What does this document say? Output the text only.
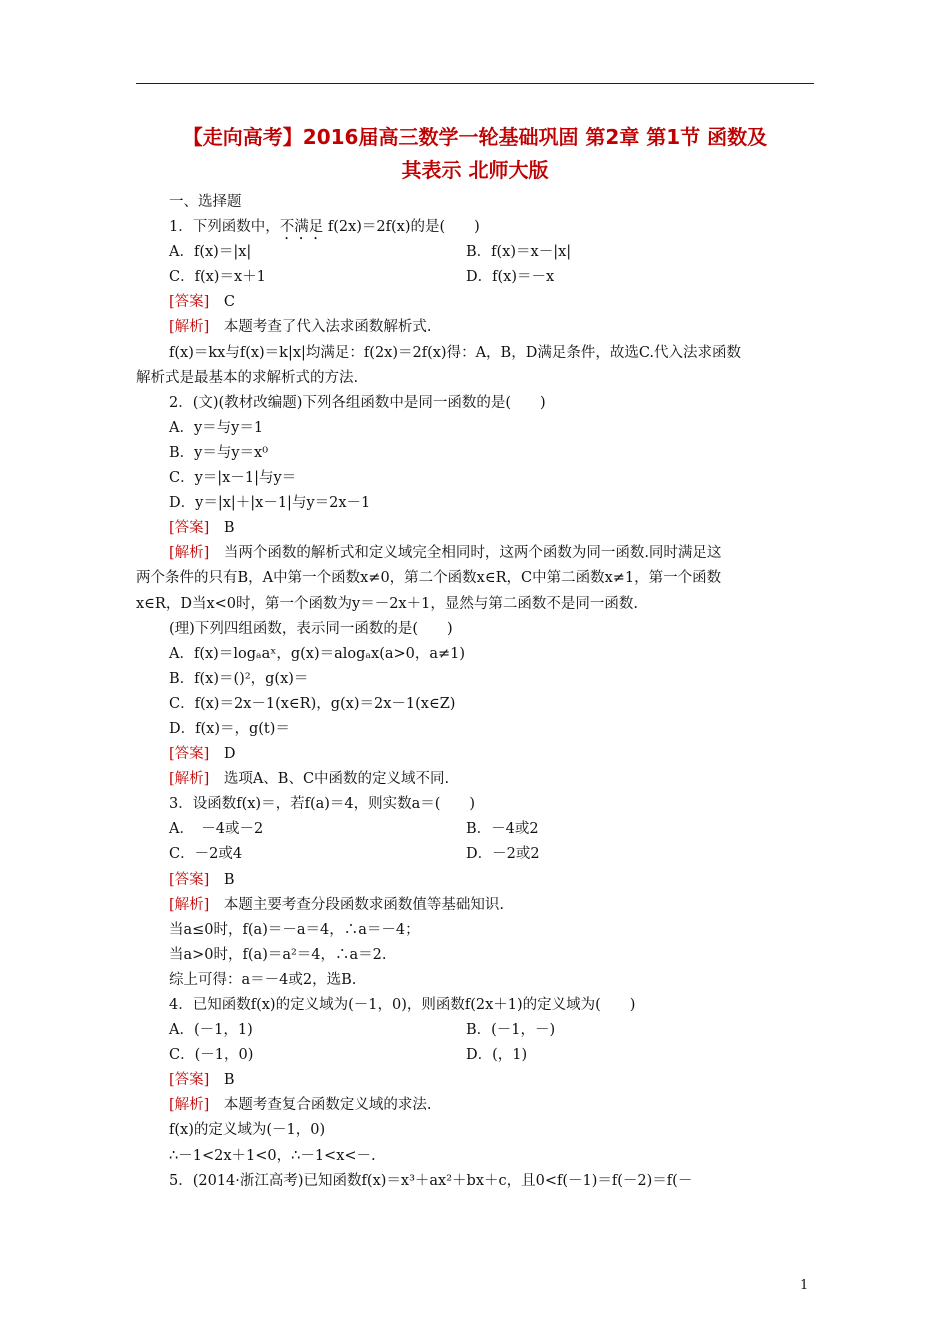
【走向高考】2016届高三数学一轮基础巩固 第2章 第1节 函数及
其表示 北师大版
一、选择题
1．下列函数中，不满足 f(2x)＝2f(x)的是(　　)
A．f(x)＝|x|	B．f(x)＝x－|x|
C．f(x)＝x＋1	D．f(x)＝－x
[答案]　C
[解析]　本题考查了代入法求函数解析式.
f(x)＝kx与f(x)＝k|x|均满足：f(2x)＝2f(x)得：A，B，D满足条件，故选C.代入法求函数
解析式是最基本的求解析式的方法.
2．(文)(教材改编题)下列各组函数中是同一函数的是(　　)
A．y＝与y＝1
B．y＝与y＝x⁰
C．y＝|x－1|与y＝
D．y＝|x|＋|x－1|与y＝2x－1
[答案]　B
[解析]　当两个函数的解析式和定义域完全相同时，这两个函数为同一函数.同时满足这
两个条件的只有B，A中第一个函数x≠0，第二个函数x∈R，C中第二函数x≠1，第一个函数
x∈R，D当x<0时，第一个函数为y＝－2x＋1，显然与第二函数不是同一函数.
(理)下列四组函数，表示同一函数的是(　　)
A．f(x)＝logₐaˣ，g(x)＝alogₐx(a>0，a≠1)
B．f(x)＝()²，g(x)＝
C．f(x)＝2x－1(x∈R)，g(x)＝2x－1(x∈Z)
D．f(x)＝，g(t)＝
[答案]　D
[解析]　选项A、B、C中函数的定义域不同.
3．设函数f(x)＝，若f(a)＝4，则实数a＝(　　)
A．　－4或－2	B．－4或2
C．－2或4	D．－2或2
[答案]　B
[解析]　本题主要考查分段函数求函数值等基础知识.
当a≤0时，f(a)＝－a＝4，∴a＝－4；
当a>0时，f(a)＝a²＝4，∴a＝2.
综上可得：a＝－4或2，选B.
4．已知函数f(x)的定义域为(－1，0)，则函数f(2x＋1)的定义域为(　　)
A．(－1，1)	B．(－1，－)
C．(－1，0)	D．(，1)
[答案]　B
[解析]　本题考查复合函数定义域的求法.
f(x)的定义域为(－1，0)
∴－1<2x＋1<0，∴－1<x<－.
5．(2014·浙江高考)已知函数f(x)＝x³＋ax²＋bx＋c，且0<f(－1)＝f(－2)＝f(－
1
